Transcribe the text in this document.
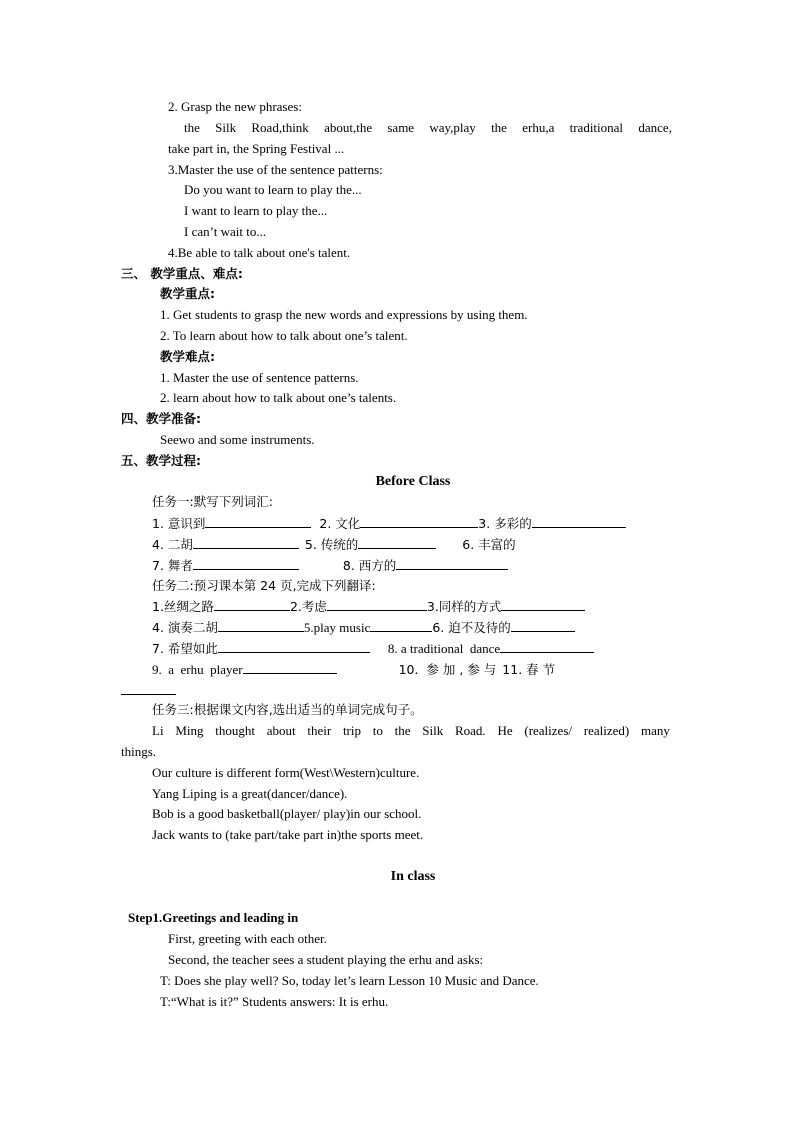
2. Grasp the new phrases:
the Silk Road,think about,the same way,play the erhu,a traditional dance,
take part in, the Spring Festival ...
3.Master the use of the sentence patterns:
Do you want to learn to play the...
I want to learn to play the...
I can’t wait to...
4.Be able to talk about one's talent.
三、 教学重点、难点:
教学重点:
1. Get students to grasp the new words and expressions by using them.
2. To learn about how to talk about one’s talent.
教学难点:
1. Master the use of sentence patterns.
2. learn about how to talk about one’s talents.
四、教学准备:
Seewo and some instruments.
五、教学过程:
Before Class
任务一:默写下列词汇:
1. 意识到	2. 文化	3. 多彩的
4. 二胡	5. 传统的	6. 丰富的
7. 舞者	8. 西方的
任务二:预习课本第 24 页,完成下列翻译:
1.丝绸之路	2.考虑	3.同样的方式
4. 演奏二胡	5.play music	6. 迫不及待的
7. 希望如此	8. a traditional  dance
9.  a  erhu  player	10.  参 加 , 参 与 11. 春 节
任务三:根据课文内容,选出适当的单词完成句子。
Li Ming thought about their trip to the Silk Road. He (realizes/ realized) many
things.
Our culture is different form(West\Western)culture.
Yang Liping is a great(dancer/dance).
Bob is a good basketball(player/ play)in our school.
Jack wants to (take part/take part in)the sports meet.
In class
Step1.Greetings and leading in
First, greeting with each other.
Second, the teacher sees a student playing the erhu and asks:
T: Does she play well? So, today let’s learn Lesson 10 Music and Dance.
T:“What is it?” Students answers: It is erhu.
